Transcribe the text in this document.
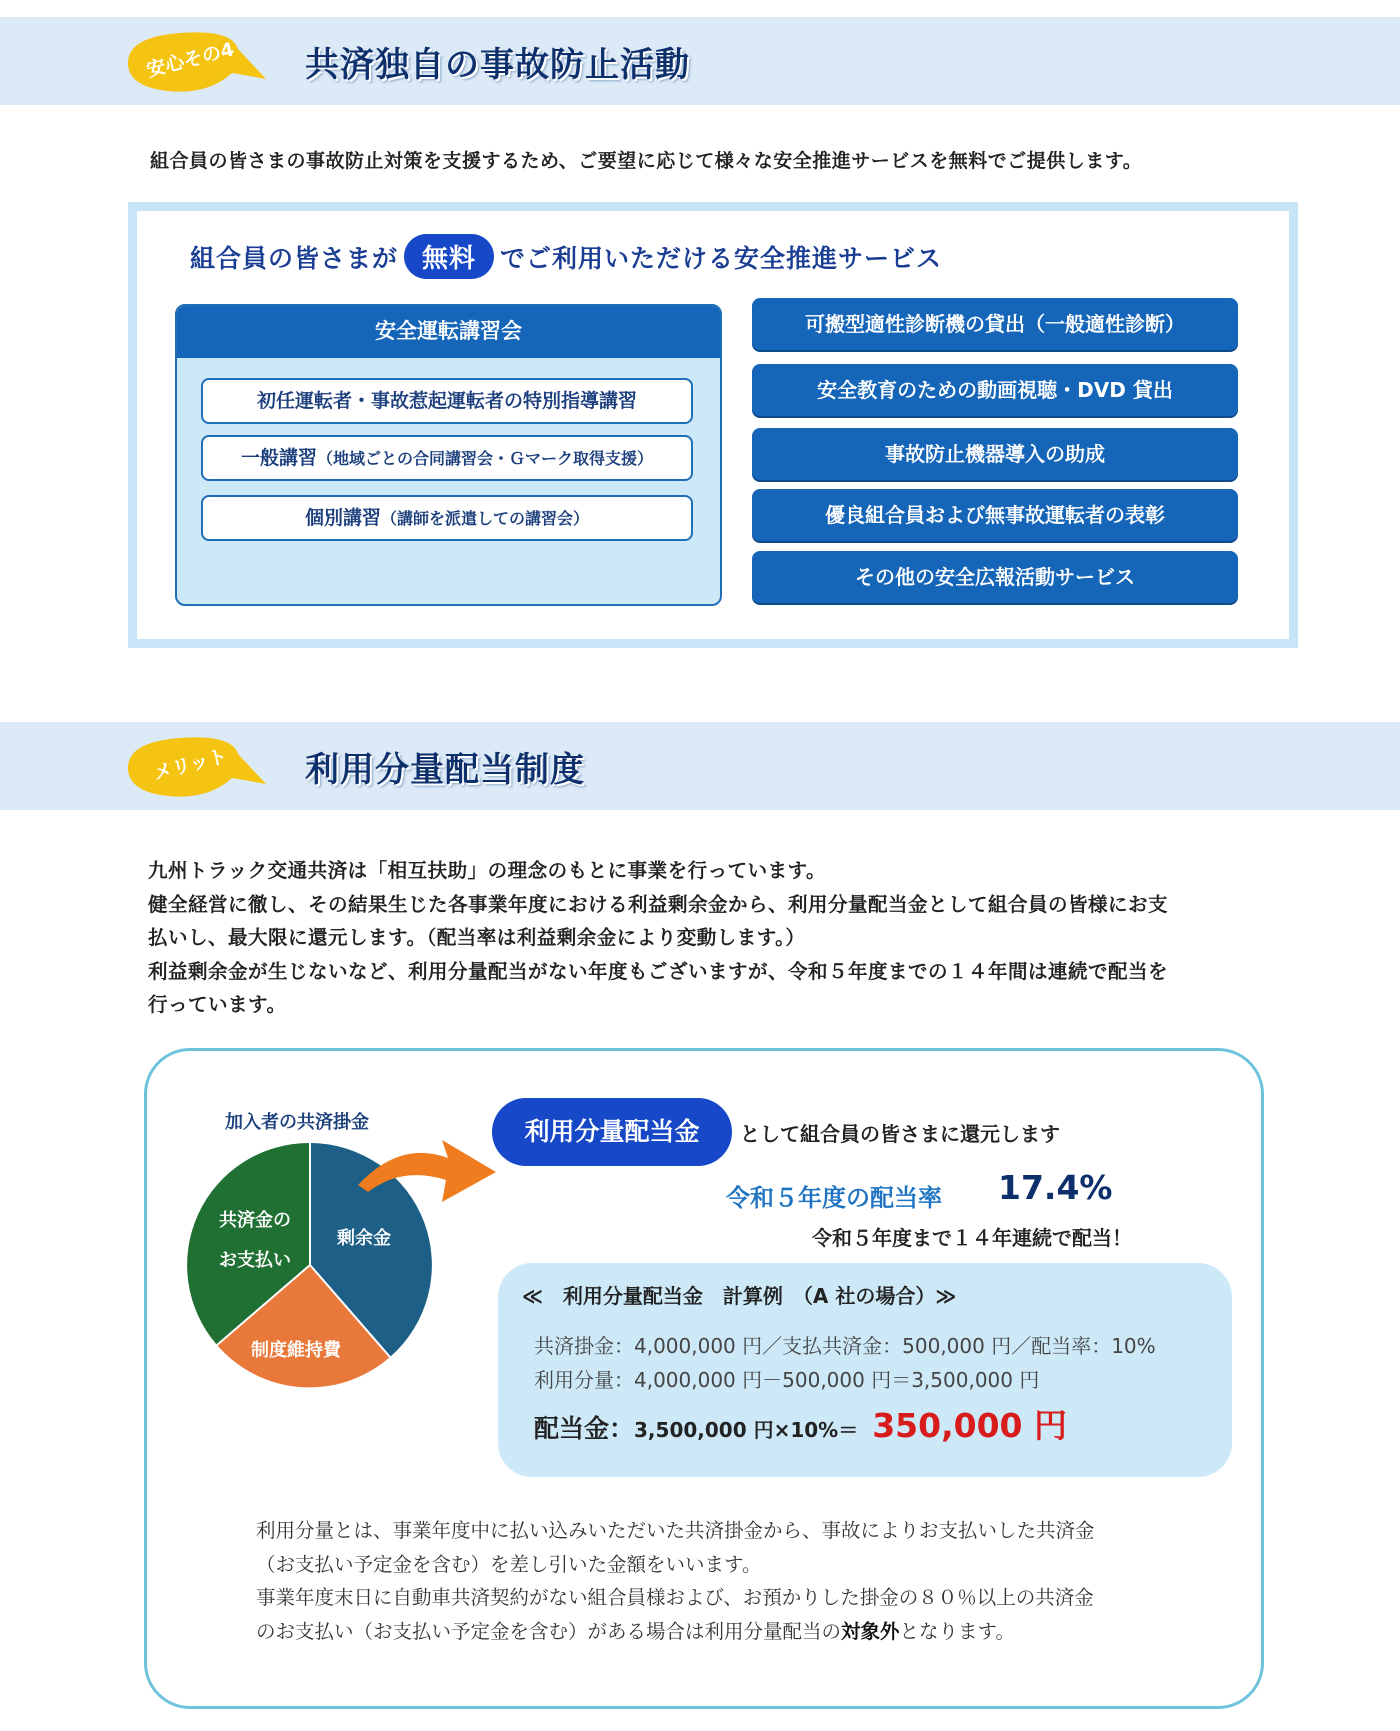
安心その4	共済独自の事故防止活動
組合員の皆さまの事故防止対策を支援するため、ご要望に応じて様々な安全推進サービスを無料でご提供します。
組合員の皆さまが 無料 でご利用いただける安全推進サービス
安全運転講習会
初任運転者・事故惹起運転者の特別指導講習
一般講習（地域ごとの合同講習会・Ｇマーク取得支援）
個別講習（講師を派遣しての講習会）
可搬型適性診断機の貸出（一般適性診断）
安全教育のための動画視聴・DVD 貸出
事故防止機器導入の助成
優良組合員および無事故運転者の表彰
その他の安全広報活動サービス
メリット	利用分量配当制度
九州トラック交通共済は「相互扶助」の理念のもとに事業を行っています。
健全経営に徹し、その結果生じた各事業年度における利益剰余金から、利用分量配当金として組合員の皆様にお支
払いし、最大限に還元します。（配当率は利益剰余金により変動します。）
利益剰余金が生じないなど、利用分量配当がない年度もございますが、令和５年度までの１４年間は連続で配当を
行っています。
加入者の共済掛金
剰余金
制度維持費
共済金の
お支払い
利用分量配当金	として組合員の皆さまに還元します
令和５年度の配当率 17.4%
令和５年度まで１４年連続で配当！
≪　利用分量配当金　計算例　（A 社の場合）≫
共済掛金：4,000,000 円／支払共済金：500,000 円／配当率：10%
利用分量：4,000,000 円－500,000 円＝3,500,000 円
配当金：3,500,000 円×10%＝ 350,000 円
利用分量とは、事業年度中に払い込みいただいた共済掛金から、事故によりお支払いした共済金
（お支払い予定金を含む）を差し引いた金額をいいます。
事業年度末日に自動車共済契約がない組合員様および、お預かりした掛金の８０％以上の共済金
のお支払い（お支払い予定金を含む）がある場合は利用分量配当の対象外となります。
